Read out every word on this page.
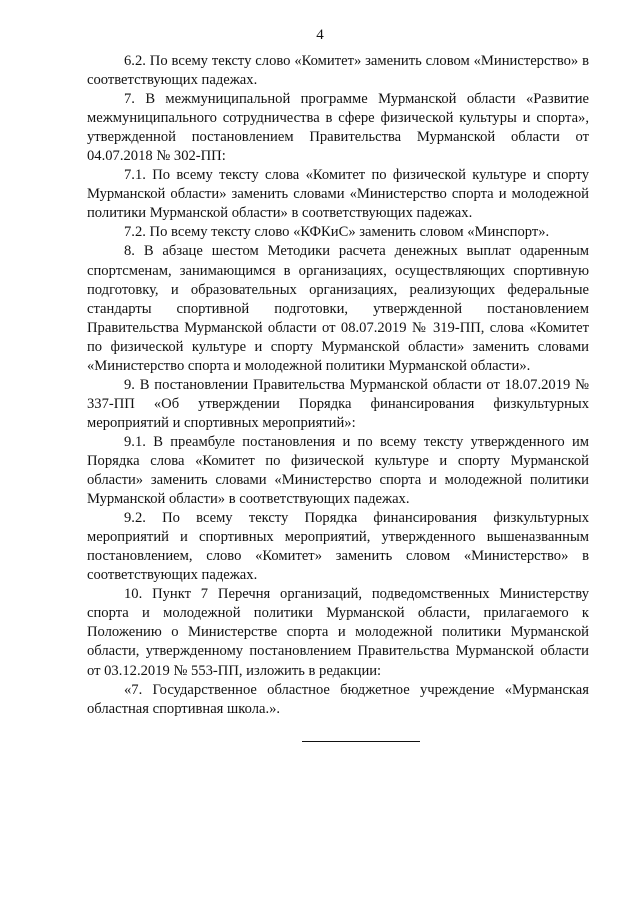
4

6.2. По всему тексту слово «Комитет» заменить словом «Министерство» в соответствующих падежах.

7. В межмуниципальной программе Мурманской области «Развитие межмуниципального сотрудничества в сфере физической культуры и спорта», утвержденной постановлением Правительства Мурманской области от 04.07.2018 № 302-ПП:

7.1. По всему тексту слова «Комитет по физической культуре и спорту Мурманской области» заменить словами «Министерство спорта и молодежной политики Мурманской области» в соответствующих падежах.

7.2. По всему тексту слово «КФКиС» заменить словом «Минспорт».

8. В абзаце шестом Методики расчета денежных выплат одаренным спортсменам, занимающимся в организациях, осуществляющих спортивную подготовку, и образовательных организациях, реализующих федеральные стандарты спортивной подготовки, утвержденной постановлением Правительства Мурманской области от 08.07.2019 № 319-ПП, слова «Комитет по физической культуре и спорту Мурманской области» заменить словами «Министерство спорта и молодежной политики Мурманской области».

9. В постановлении Правительства Мурманской области от 18.07.2019 № 337-ПП «Об утверждении Порядка финансирования физкультурных мероприятий и спортивных мероприятий»:

9.1. В преамбуле постановления и по всему тексту утвержденного им Порядка слова «Комитет по физической культуре и спорту Мурманской области» заменить словами «Министерство спорта и молодежной политики Мурманской области» в соответствующих падежах.

9.2. По всему тексту Порядка финансирования физкультурных мероприятий и спортивных мероприятий, утвержденного вышеназванным постановлением, слово «Комитет» заменить словом «Министерство» в соответствующих падежах.

10. Пункт 7 Перечня организаций, подведомственных Министерству спорта и молодежной политики Мурманской области, прилагаемого к Положению о Министерстве спорта и молодежной политики Мурманской области, утвержденному постановлением Правительства Мурманской области от 03.12.2019 № 553-ПП, изложить в редакции:

«7. Государственное областное бюджетное учреждение «Мурманская областная спортивная школа.».
